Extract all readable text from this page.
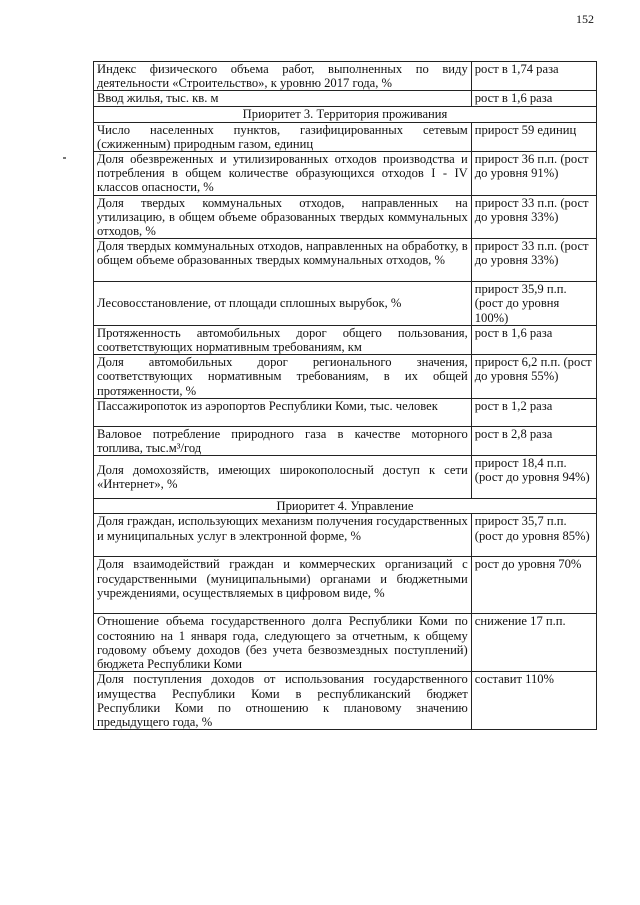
152
Индекс физического объема работ, выполненных по виду деятельности «Строительство», к уровню 2017 года, %	рост в 1,74 раза
Ввод жилья, тыс. кв. м	рост в 1,6 раза
Приоритет 3. Территория проживания	
Число населенных пунктов, газифицированных сетевым (сжиженным) природным газом, единиц	прирост 59 единиц
Доля обезвреженных и утилизированных отходов производства и потребления в общем количестве образующихся отходов I - IV классов опасности, %	прирост 36 п.п. (рост до уровня 91%)
Доля твердых коммунальных отходов, направленных на утилизацию, в общем объеме образованных твердых коммунальных отходов, %	прирост 33 п.п. (рост до уровня 33%)
Доля твердых коммунальных отходов, направленных на обработку, в общем объеме образованных твердых коммунальных отходов, %	прирост 33 п.п. (рост до уровня 33%)
Лесовосстановление, от площади сплошных вырубок, %	прирост 35,9 п.п. (рост до уровня 100%)
Протяженность автомобильных дорог общего пользования, соответствующих нормативным требованиям, км	рост в 1,6 раза
Доля автомобильных дорог регионального значения, соответствующих нормативным требованиям, в их общей протяженности, %	прирост 6,2 п.п. (рост до уровня 55%)
Пассажиропоток из аэропортов Республики Коми, тыс. человек	рост в 1,2 раза
Валовое потребление природного газа в качестве моторного топлива, тыс.м³/год	рост в 2,8 раза
Доля домохозяйств, имеющих широкополосный доступ к сети «Интернет», %	прирост 18,4 п.п. (рост до уровня 94%)
Приоритет 4. Управление	
Доля граждан, использующих механизм получения государственных и муниципальных услуг в электронной форме, %	прирост 35,7 п.п. (рост до уровня 85%)
Доля взаимодействий граждан и коммерческих организаций с государственными (муниципальными) органами и бюджетными учреждениями, осуществляемых в цифровом виде, %	рост до уровня 70%
Отношение объема государственного долга Республики Коми по состоянию на 1 января года, следующего за отчетным, к общему годовому объему доходов (без учета безвозмездных поступлений) бюджета Республики Коми	снижение 17 п.п.
Доля поступления доходов от использования государственного имущества Республики Коми в республиканский бюджет Республики Коми по отношению к плановому значению предыдущего года, %	составит 110%
